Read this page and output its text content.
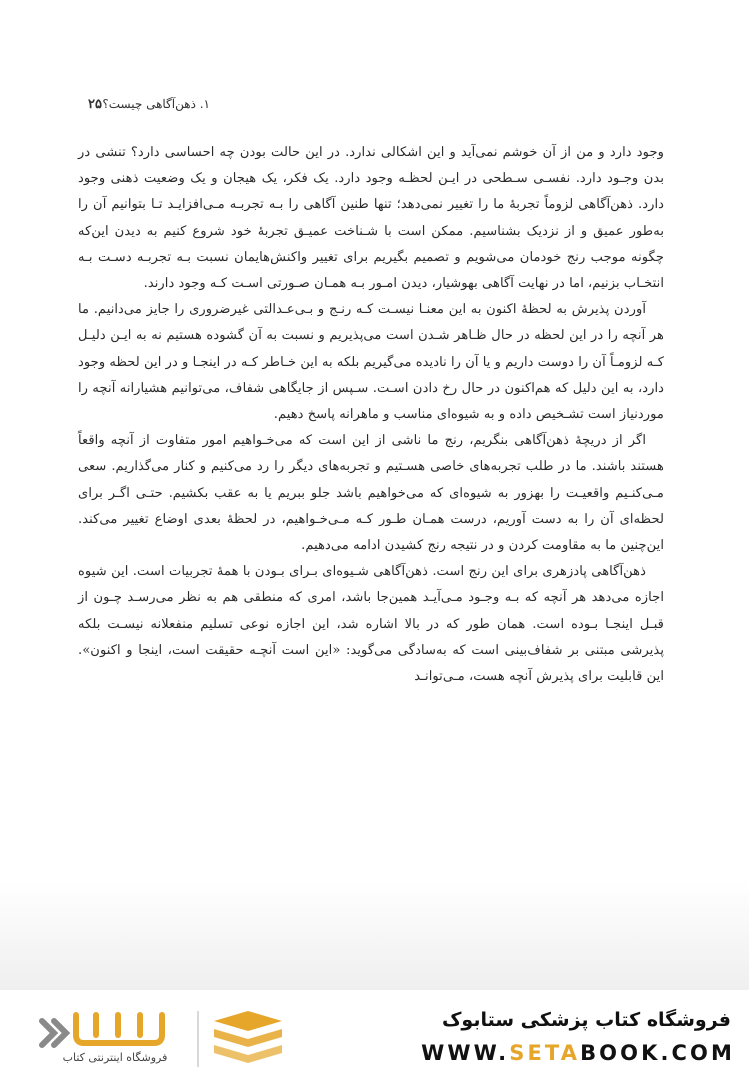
۲۵ ۱. ذهن‌آگاهی چیست؟

وجود دارد و من از آن خوشم نمی‌آید و این اشکالی ندارد. در این حالت بودن چه احساسی دارد؟ تنشی در بدن وجـود دارد. نفسـی سـطحی در ایـن لحظـه وجود دارد. یک فکر، یک هیجان و یک وضعیت ذهنی وجود دارد. ذهن‌آگاهی لزوماً تجربهٔ ما را تغییر نمی‌دهد؛ تنها طنین آگاهی را بـه تجربـه مـی‌افزایـد تـا بتوانیم آن را به‌طور عمیق و از نزدیک بشناسیم. ممکن است با شـناخت عمیـق تجربهٔ خود شروع کنیم به دیدن این‌که چگونه موجب رنج خودمان می‌شویم و تصمیم بگیریم برای تغییر واکنش‌هایمان نسبت بـه تجربـه دسـت بـه انتخـاب بزنیم، اما در نهایت آگاهی بهوشیار، دیدن امـور بـه همـان صـورتی اسـت کـه وجود دارند.

آوردن پذیرش به لحظهٔ اکنون به این معنـا نیسـت کـه رنـج و بـی‌عـدالتی غیرضروری را جایز می‌دانیم. ما هر آنچه را در این لحظه در حال ظـاهر شـدن است می‌پذیریم و نسبت به آن گشوده هستیم نه به ایـن دلیـل کـه لزومـاً آن را دوست داریم و یا آن را نادیده می‌گیریم بلکه به این خـاطر کـه در اینجـا و در این لحظه وجود دارد، به این دلیل که هم‌اکنون در حال رخ دادن اسـت. سـپس از جایگاهی شفاف، می‌توانیم هشیارانه آنچه را موردنیاز است تشـخیص داده و به شیوه‌ای مناسب و ماهرانه پاسخ دهیم.

اگر از دریچهٔ ذهن‌آگاهی بنگریم، رنج ما ناشی از این است که می‌خـواهیم امور متفاوت از آنچه واقعاً هستند باشند. ما در طلب تجربه‌های خاصی هسـتیم و تجربه‌های دیگر را رد می‌کنیم و کنار می‌گذاریم. سعی مـی‌کنـیم واقعیـت را بهزور به شیوه‌ای که می‌خواهیم باشد جلو ببریم یا به عقب بکشیم. حتـی اگـر برای لحظه‌ای آن را به دست آوریم، درست همـان طـور کـه مـی‌خـواهیم، در لحظهٔ بعدی اوضاع تغییر می‌کند. این‌چنین ما به مقاومت کردن و در نتیجه رنج کشیدن ادامه می‌دهیم.

ذهن‌آگاهی پادزهری برای این رنج است. ذهن‌آگاهی شـیوه‌ای بـرای بـودن با همهٔ تجربیات است. این شیوه اجازه می‌دهد هر آنچه که بـه وجـود مـی‌آیـد همین‌جا باشد، امری که منطقی هم به نظر می‌رسـد چـون از قبـل اینجـا بـوده است. همان طور که در بالا اشاره شد، این اجازه نوعی تسلیم منفعلانه نیسـت بلکه پذیرشی مبتنی بر شفاف‌بینی است که به‌سادگی می‌گوید: «این است آنچـه حقیقت است، اینجا و اکنون». این قابلیت برای پذیرش آنچه هست، مـی‌توانـد

فروشگاه اینترنتی کتاب
فروشگاه کتاب پزشکی ستابوک
WWW.SETABOOK.COM
